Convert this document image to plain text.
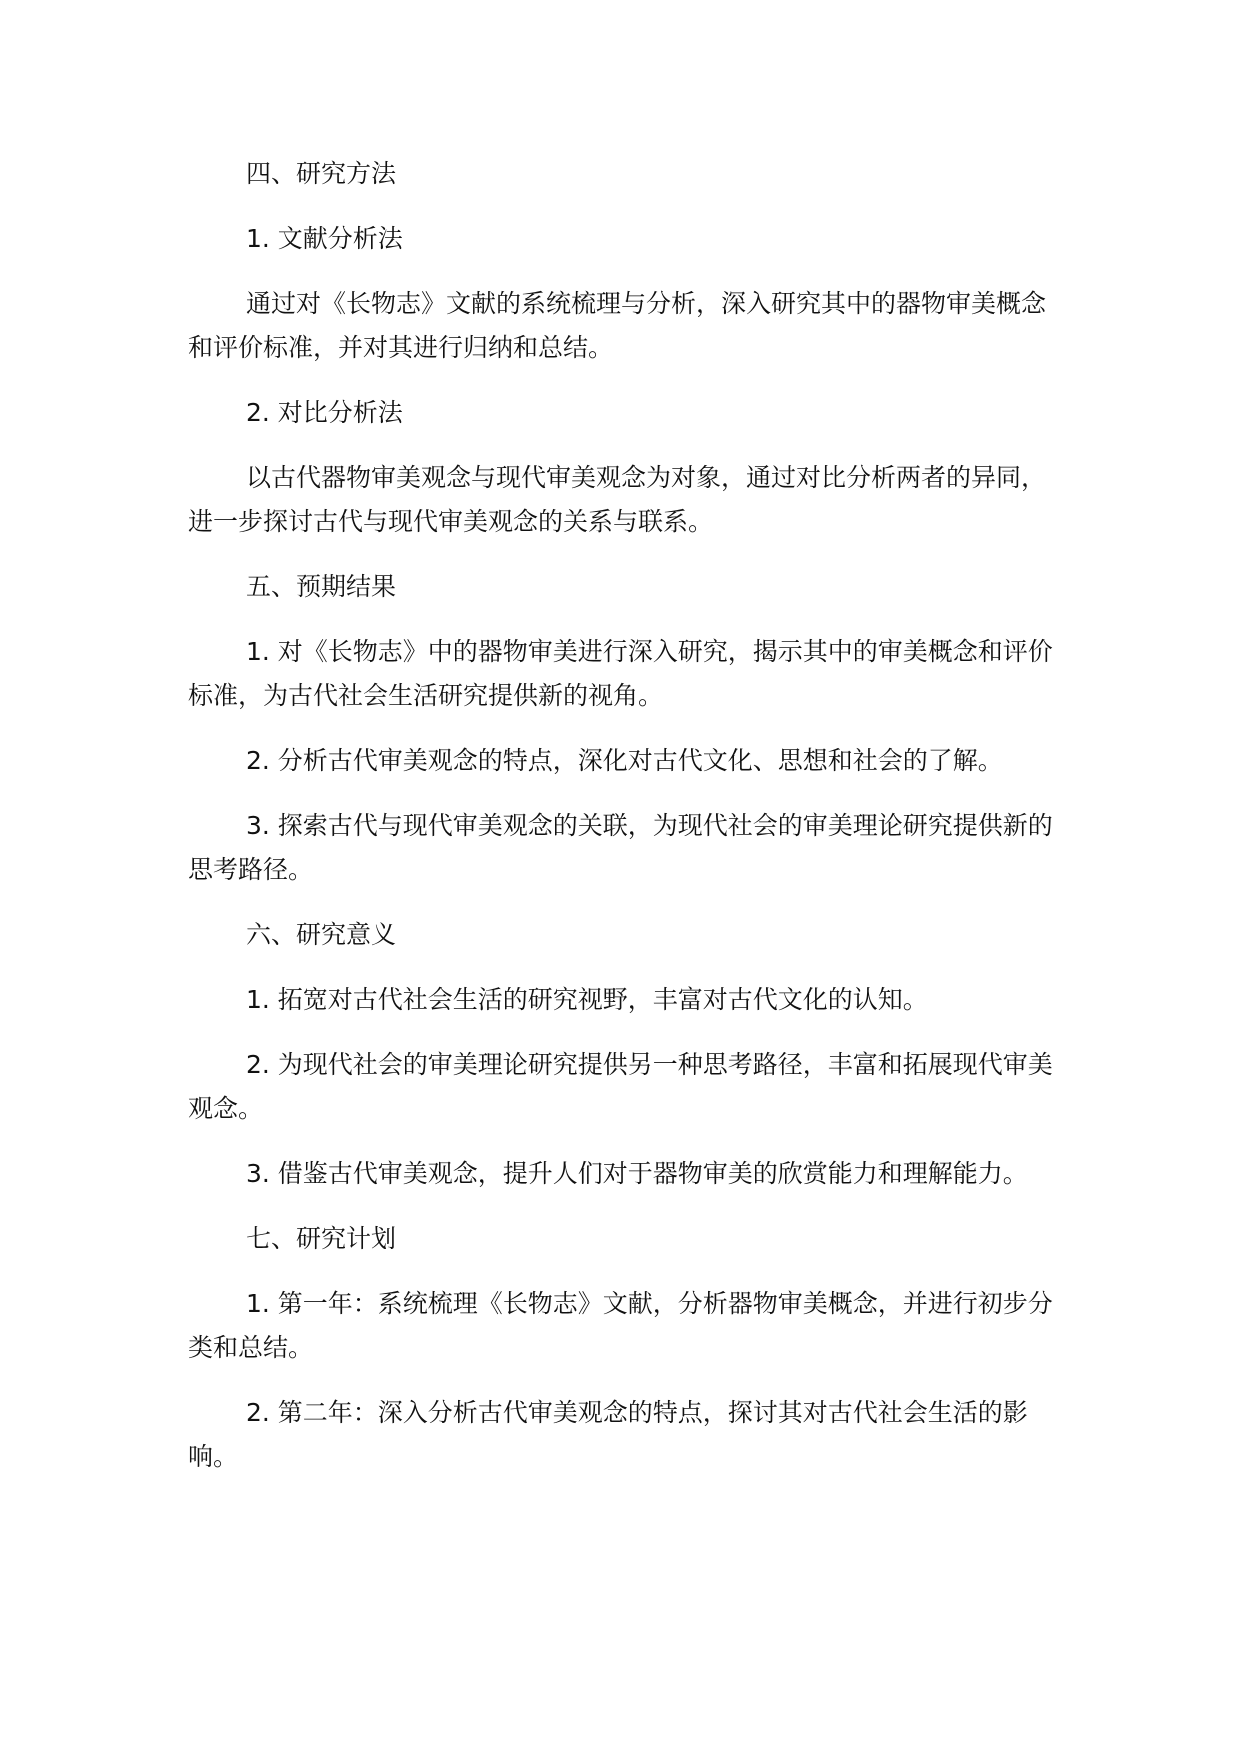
四、研究方法

1. 文献分析法

通过对《长物志》文献的系统梳理与分析，深入研究其中的器物审美概念和评价标准，并对其进行归纳和总结。

2. 对比分析法

以古代器物审美观念与现代审美观念为对象，通过对比分析两者的异同，进一步探讨古代与现代审美观念的关系与联系。

五、预期结果

1. 对《长物志》中的器物审美进行深入研究，揭示其中的审美概念和评价标准，为古代社会生活研究提供新的视角。

2. 分析古代审美观念的特点，深化对古代文化、思想和社会的了解。

3. 探索古代与现代审美观念的关联，为现代社会的审美理论研究提供新的思考路径。

六、研究意义

1. 拓宽对古代社会生活的研究视野，丰富对古代文化的认知。

2. 为现代社会的审美理论研究提供另一种思考路径，丰富和拓展现代审美观念。

3. 借鉴古代审美观念，提升人们对于器物审美的欣赏能力和理解能力。

七、研究计划

1. 第一年：系统梳理《长物志》文献，分析器物审美概念，并进行初步分类和总结。

2. 第二年：深入分析古代审美观念的特点，探讨其对古代社会生活的影响。
